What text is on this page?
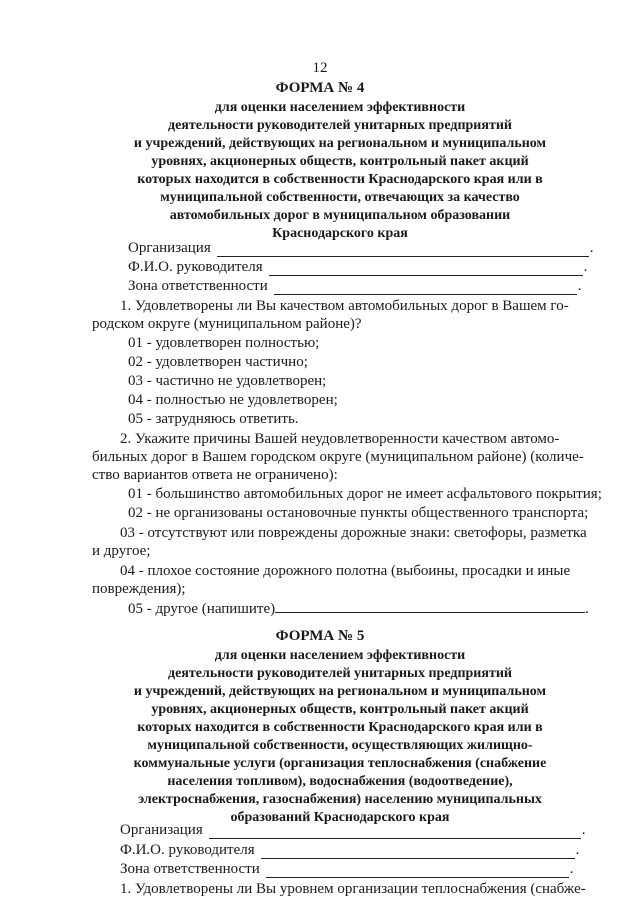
12
ФОРМА № 4
для оценки населением эффективности
деятельности руководителей унитарных предприятий
и учреждений, действующих на региональном и муниципальном
уровнях, акционерных обществ, контрольный пакет акций
которых находится в собственности Краснодарского края или в
муниципальной собственности, отвечающих за качество
автомобильных дорог в муниципальном образовании
Краснодарского края
Организация	.
Ф.И.О. руководителя	.
Зона ответственности	.
1. Удовлетворены ли Вы качеством автомобильных дорог в Вашем го-
родском округе (муниципальном районе)?
01 - удовлетворен полностью;
02 - удовлетворен частично;
03 - частично не удовлетворен;
04 - полностью не удовлетворен;
05 - затрудняюсь ответить.
2. Укажите причины Вашей неудовлетворенности качеством автомо-
бильных дорог в Вашем городском округе (муниципальном районе) (количе-
ство вариантов ответа не ограничено):
01 - большинство автомобильных дорог не имеет асфальтового покрытия;
02 - не организованы остановочные пункты общественного транспорта;
03 - отсутствуют или повреждены дорожные знаки: светофоры, разметка
и другое;
04 - плохое состояние дорожного полотна (выбоины, просадки и иные
повреждения);
05 - другое (напишите)	.
ФОРМА № 5
для оценки населением эффективности
деятельности руководителей унитарных предприятий
и учреждений, действующих на региональном и муниципальном
уровнях, акционерных обществ, контрольный пакет акций
которых находится в собственности Краснодарского края или в
муниципальной собственности, осуществляющих жилищно-
коммунальные услуги (организация теплоснабжения (снабжение
населения топливом), водоснабжения (водоотведение),
электроснабжения, газоснабжения) населению муниципальных
образований Краснодарского края
Организация	.
Ф.И.О. руководителя	.
Зона ответственности	.
1. Удовлетворены ли Вы уровнем организации теплоснабжения (снабже-
